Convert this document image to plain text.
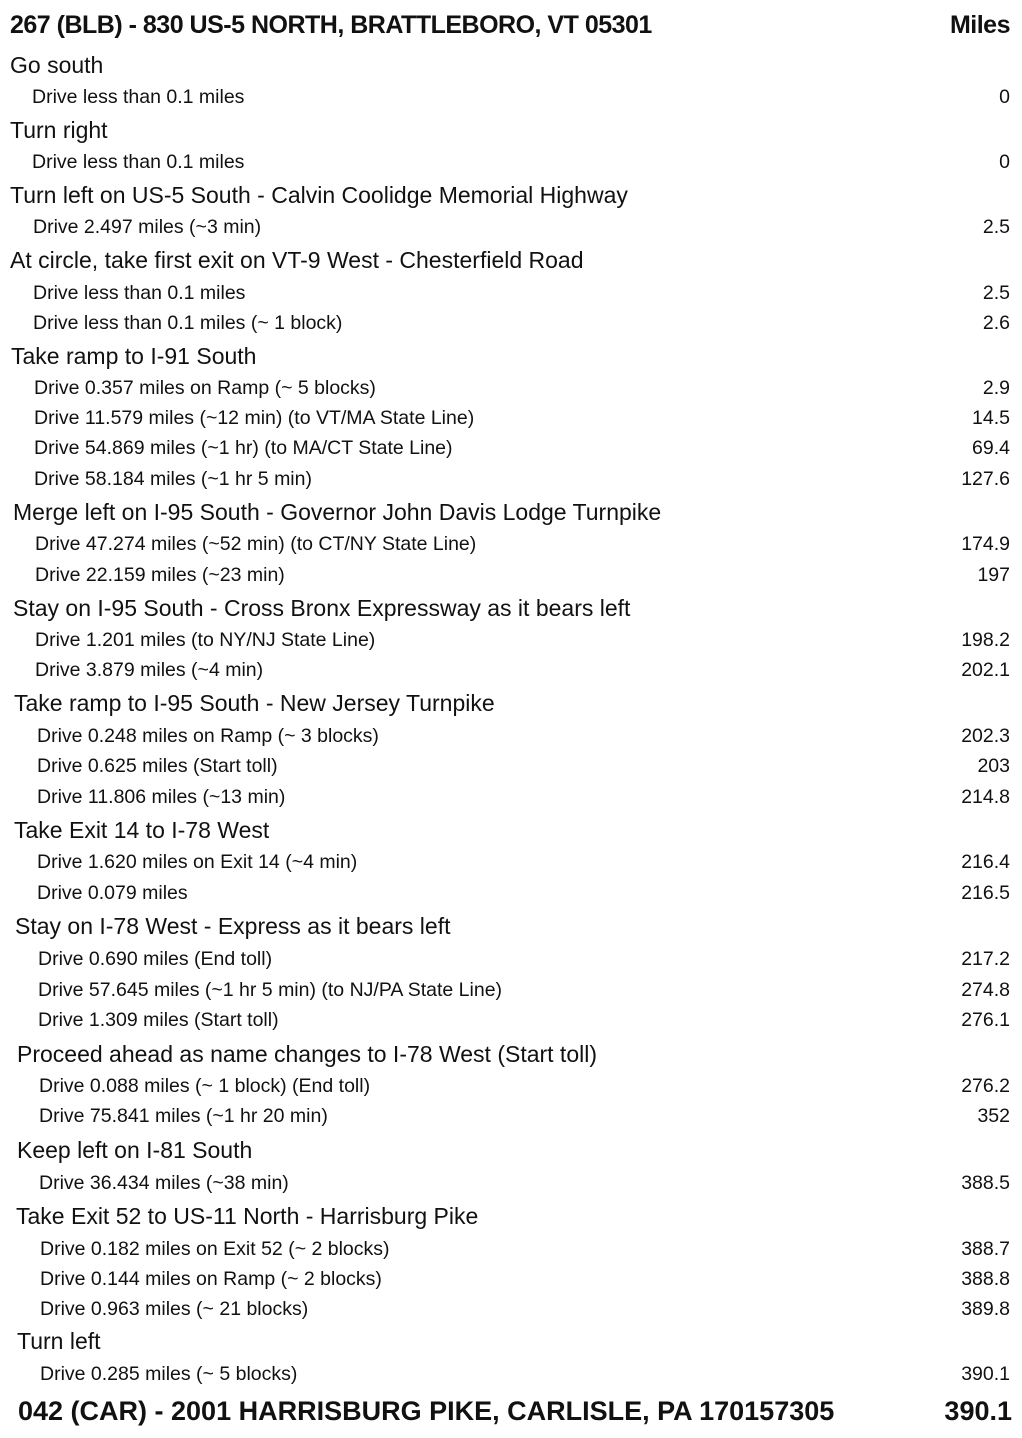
267 (BLB) - 830 US-5 NORTH, BRATTLEBORO, VT 05301	Miles
Go south
Drive less than 0.1 miles	0
Turn right
Drive less than 0.1 miles	0
Turn left on US-5 South - Calvin Coolidge Memorial Highway
Drive 2.497 miles (~3 min)	2.5
At circle, take first exit on VT-9 West - Chesterfield Road
Drive less than 0.1 miles	2.5
Drive less than 0.1 miles (~ 1 block)	2.6
Take ramp to I-91 South
Drive 0.357 miles on Ramp (~ 5 blocks)	2.9
Drive 11.579 miles (~12 min) (to VT/MA State Line)	14.5
Drive 54.869 miles (~1 hr) (to MA/CT State Line)	69.4
Drive 58.184 miles (~1 hr 5 min)	127.6
Merge left on I-95 South - Governor John Davis Lodge Turnpike
Drive 47.274 miles (~52 min) (to CT/NY State Line)	174.9
Drive 22.159 miles (~23 min)	197
Stay on I-95 South - Cross Bronx Expressway as it bears left
Drive 1.201 miles (to NY/NJ State Line)	198.2
Drive 3.879 miles (~4 min)	202.1
Take ramp to I-95 South - New Jersey Turnpike
Drive 0.248 miles on Ramp (~ 3 blocks)	202.3
Drive 0.625 miles (Start toll)	203
Drive 11.806 miles (~13 min)	214.8
Take Exit 14 to I-78 West
Drive 1.620 miles on Exit 14 (~4 min)	216.4
Drive 0.079 miles	216.5
Stay on I-78 West - Express as it bears left
Drive 0.690 miles (End toll)	217.2
Drive 57.645 miles (~1 hr 5 min) (to NJ/PA State Line)	274.8
Drive 1.309 miles (Start toll)	276.1
Proceed ahead as name changes to I-78 West (Start toll)
Drive 0.088 miles (~ 1 block) (End toll)	276.2
Drive 75.841 miles (~1 hr 20 min)	352
Keep left on I-81 South
Drive 36.434 miles (~38 min)	388.5
Take Exit 52 to US-11 North - Harrisburg Pike
Drive 0.182 miles on Exit 52 (~ 2 blocks)	388.7
Drive 0.144 miles on Ramp (~ 2 blocks)	388.8
Drive 0.963 miles (~ 21 blocks)	389.8
Turn left
Drive 0.285 miles (~ 5 blocks)	390.1
042 (CAR) - 2001 HARRISBURG PIKE, CARLISLE, PA 170157305	390.1
